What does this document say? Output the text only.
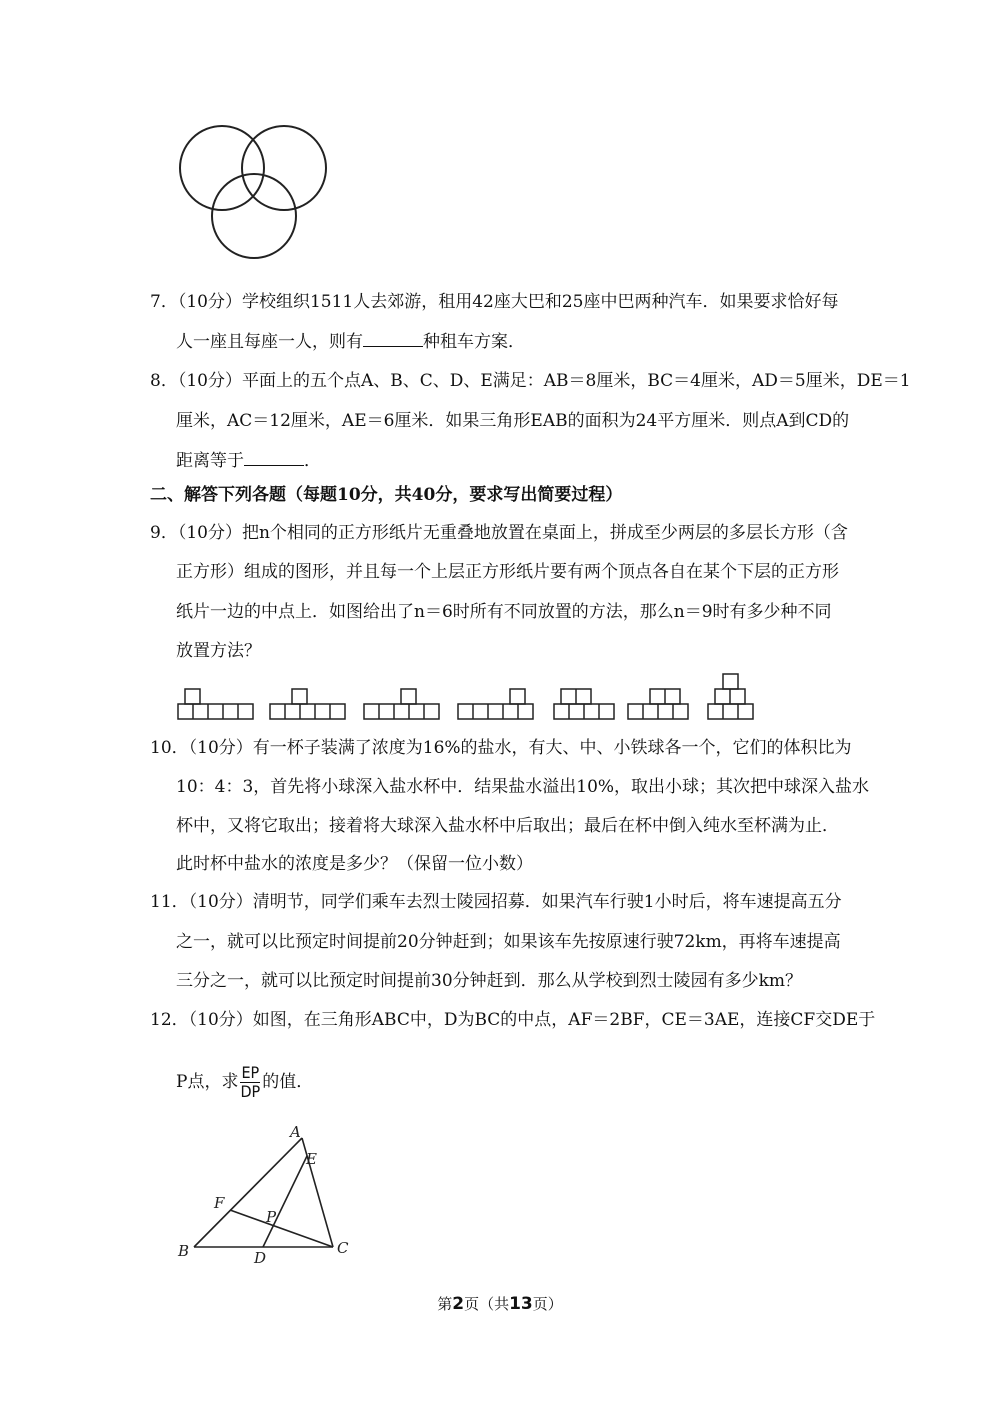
7．（10分）学校组织1511人去郊游，租用42座大巴和25座中巴两种汽车．如果要求恰好每
人一座且每座一人，则有	种租车方案．
8．（10分）平面上的五个点A、B、C、D、E满足：AB＝8厘米，BC＝4厘米，AD＝5厘米，DE＝1
厘米，AC＝12厘米，AE＝6厘米．如果三角形EAB的面积为24平方厘米．则点A到CD的
距离等于	．
二、解答下列各题（每题10分，共40分，要求写出简要过程）
9．（10分）把n个相同的正方形纸片无重叠地放置在桌面上，拼成至少两层的多层长方形（含
正方形）组成的图形，并且每一个上层正方形纸片要有两个顶点各自在某个下层的正方形
纸片一边的中点上．如图给出了n＝6时所有不同放置的方法，那么n＝9时有多少种不同
放置方法？
10．（10分）有一杯子装满了浓度为16%的盐水，有大、中、小铁球各一个，它们的体积比为
10：4：3，首先将小球深入盐水杯中．结果盐水溢出10%，取出小球；其次把中球深入盐水
杯中，又将它取出；接着将大球深入盐水杯中后取出；最后在杯中倒入纯水至杯满为止．
此时杯中盐水的浓度是多少？（保留一位小数）
11．（10分）清明节，同学们乘车去烈士陵园招募．如果汽车行驶1小时后，将车速提高五分
之一，就可以比预定时间提前20分钟赶到；如果该车先按原速行驶72km，再将车速提高
三分之一，就可以比预定时间提前30分钟赶到．那么从学校到烈士陵园有多少km？
12．（10分）如图，在三角形ABC中，D为BC的中点，AF＝2BF，CE＝3AE，连接CF交DE于
P点，求 $\frac{EP}{DP}$ 的值．
A
E
F
P
B	D
C
第2页（共13页）
